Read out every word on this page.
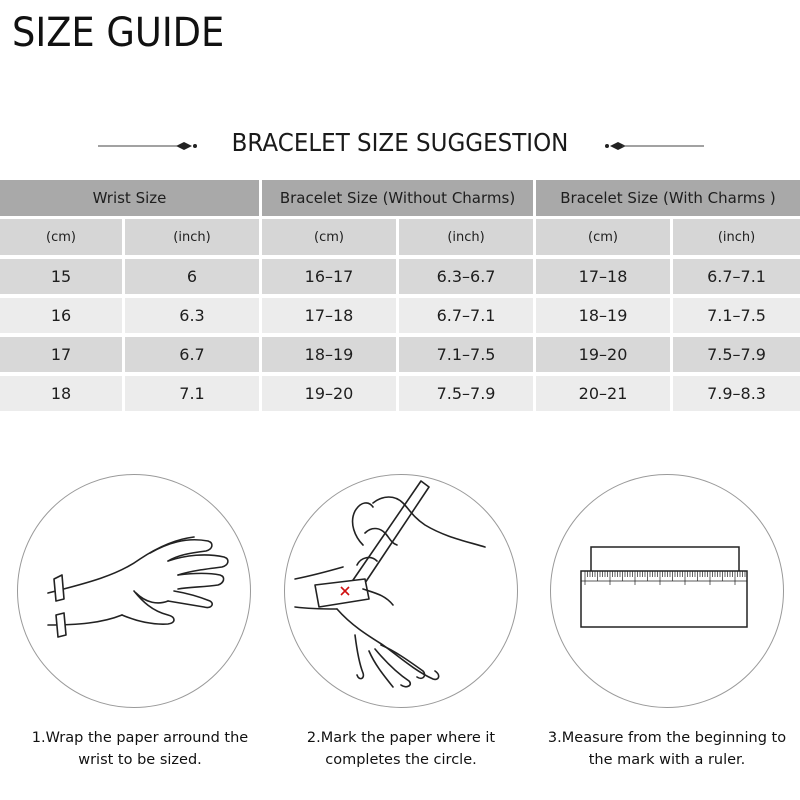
SIZE GUIDE
BRACELET SIZE SUGGESTION
Wrist Size		Bracelet Size (Without Charms)		Bracelet Size (With Charms )	
(cm)	(inch)	(cm)	(inch)	(cm)	(inch)
15	6	16–17	6.3–6.7	17–18	6.7–7.1
16	6.3	17–18	6.7–7.1	18–19	7.1–7.5
17	6.7	18–19	7.1–7.5	19–20	7.5–7.9
18	7.1	19–20	7.5–7.9	20–21	7.9–8.3
1.Wrap the paper arround the
wrist to be sized.
2.Mark the paper where it
completes the circle.
3.Measure from the beginning to
the mark with a ruler.
